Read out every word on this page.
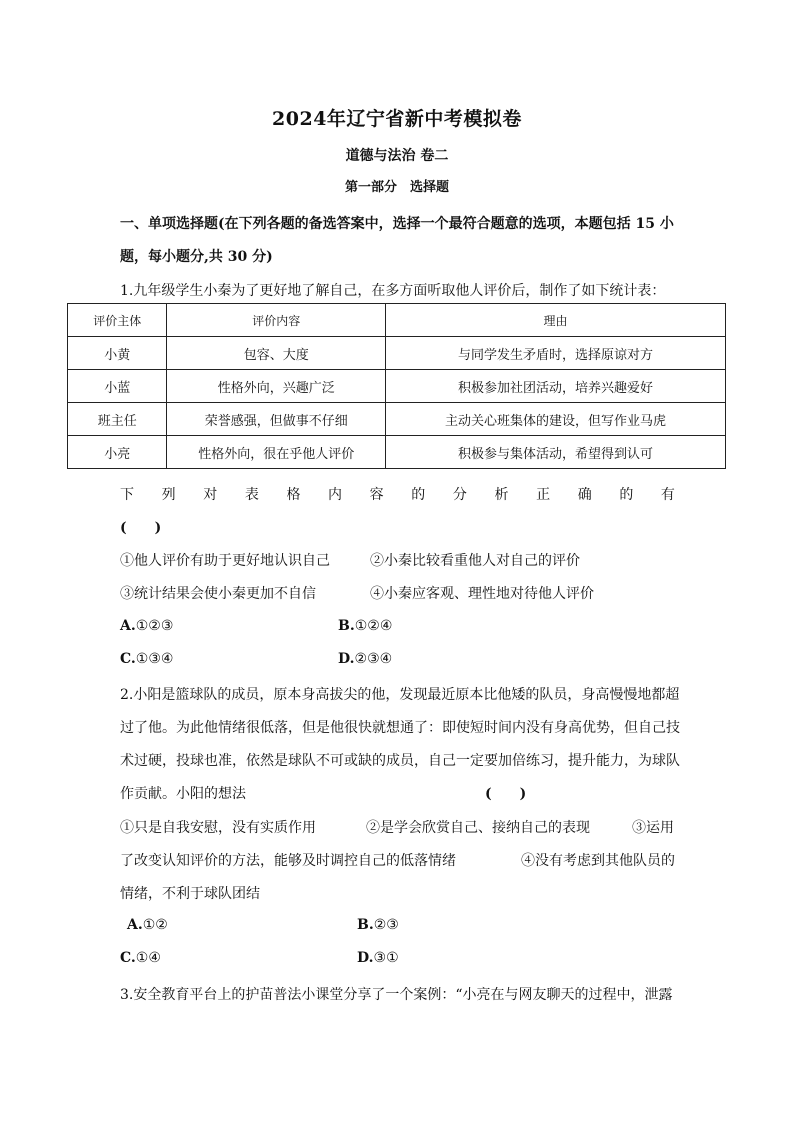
2024年辽宁省新中考模拟卷
道德与法治 卷二
第一部分　选择题
一、单项选择题(在下列各题的备选答案中，选择一个最符合题意的选项，本题包括 15 小
题，每小题分,共 30 分)
1.九年级学生小秦为了更好地了解自己，在多方面听取他人评价后，制作了如下统计表：
评价主体	评价内容	理由
小黄	包容、大度	与同学发生矛盾时，选择原谅对方
小蓝	性格外向，兴趣广泛	积极参加社团活动，培养兴趣爱好
班主任	荣誉感强，但做事不仔细	主动关心班集体的建设，但写作业马虎
小亮	性格外向，很在乎他人评价	积极参与集体活动，希望得到认可
下 列 对 表 格 内 容 的 分 析 正 确 的 有
(　　)
①他人评价有助于更好地认识自己	②小秦比较看重他人对自己的评价
③统计结果会使小秦更加不自信	④小秦应客观、理性地对待他人评价
A.①②③	B.①②④
C.①③④	D.②③④
2.小阳是篮球队的成员，原本身高拔尖的他，发现最近原本比他矮的队员，身高慢慢地都超
过了他。为此他情绪很低落，但是他很快就想通了：即使短时间内没有身高优势，但自己技
术过硬，投球也准，依然是球队不可或缺的成员，自己一定要加倍练习，提升能力，为球队
作贡献。小阳的想法	(　　)
①只是自我安慰，没有实质作用	②是学会欣赏自己、接纳自己的表现	③运用
了改变认知评价的方法，能够及时调控自己的低落情绪	④没有考虑到其他队员的
情绪，不利于球队团结
A.①②	B.②③
C.①④	D.③①
3.安全教育平台上的护苗普法小课堂分享了一个案例：“小亮在与网友聊天的过程中，泄露
